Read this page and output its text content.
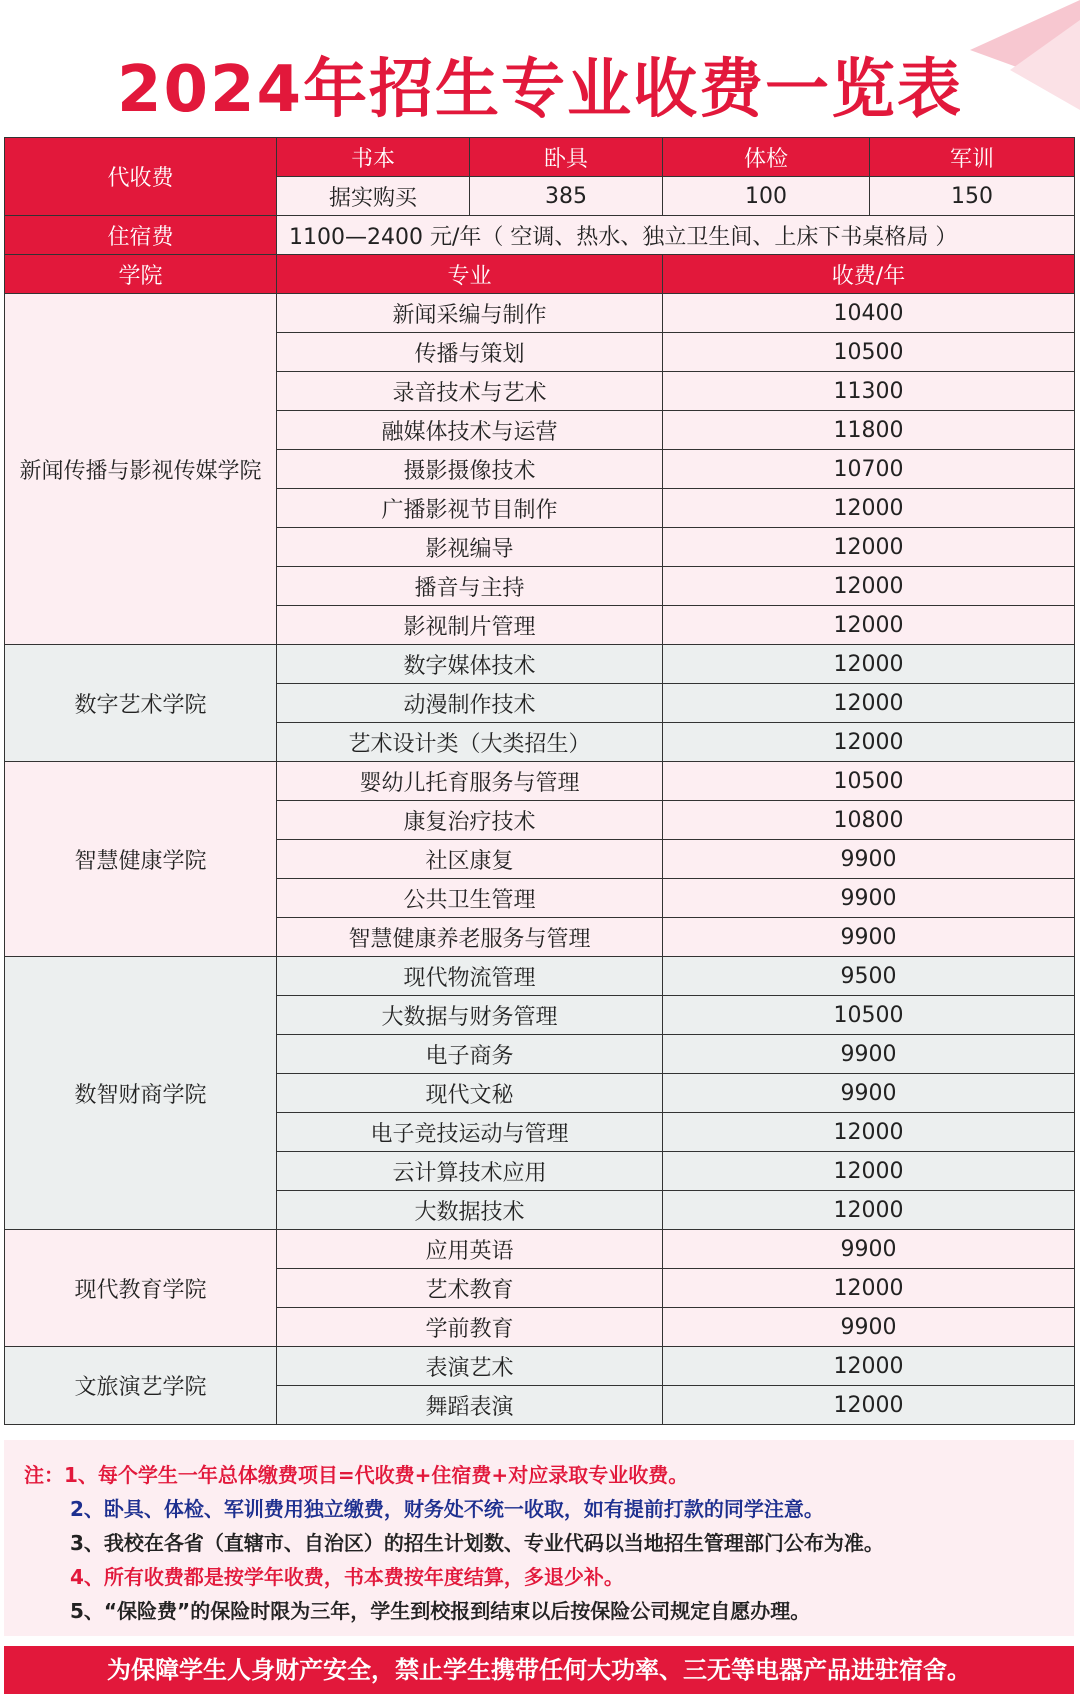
2024年招生专业收费一览表
代收费	书本	卧具	体检	军训
	据实购买	385	100	150
住宿费	1100—2400 元/年（ 空调、热水、独立卫生间、上床下书桌格局 ）			
学院	专业		收费/年	
新闻传播与影视传媒学院	新闻采编与制作		10400	
	传播与策划		10500	
	录音技术与艺术		11300	
	融媒体技术与运营		11800	
	摄影摄像技术		10700	
	广播影视节目制作		12000	
	影视编导		12000	
	播音与主持		12000	
	影视制片管理		12000	
数字艺术学院	数字媒体技术		12000	
	动漫制作技术		12000	
	艺术设计类（大类招生）		12000	
智慧健康学院	婴幼儿托育服务与管理		10500	
	康复治疗技术		10800	
	社区康复		9900	
	公共卫生管理		9900	
	智慧健康养老服务与管理		9900	
数智财商学院	现代物流管理		9500	
	大数据与财务管理		10500	
	电子商务		9900	
	现代文秘		9900	
	电子竞技运动与管理		12000	
	云计算技术应用		12000	
	大数据技术		12000	
现代教育学院	应用英语		9900	
	艺术教育		12000	
	学前教育		9900	
文旅演艺学院	表演艺术		12000	
	舞蹈表演		12000	
注：1、每个学生一年总体缴费项目=代收费+住宿费+对应录取专业收费。
2、卧具、体检、军训费用独立缴费，财务处不统一收取，如有提前打款的同学注意。
3、我校在各省（直辖市、自治区）的招生计划数、专业代码以当地招生管理部门公布为准。
4、所有收费都是按学年收费，书本费按年度结算，多退少补。
5、“保险费”的保险时限为三年，学生到校报到结束以后按保险公司规定自愿办理。
为保障学生人身财产安全，禁止学生携带任何大功率、三无等电器产品进驻宿舍。
